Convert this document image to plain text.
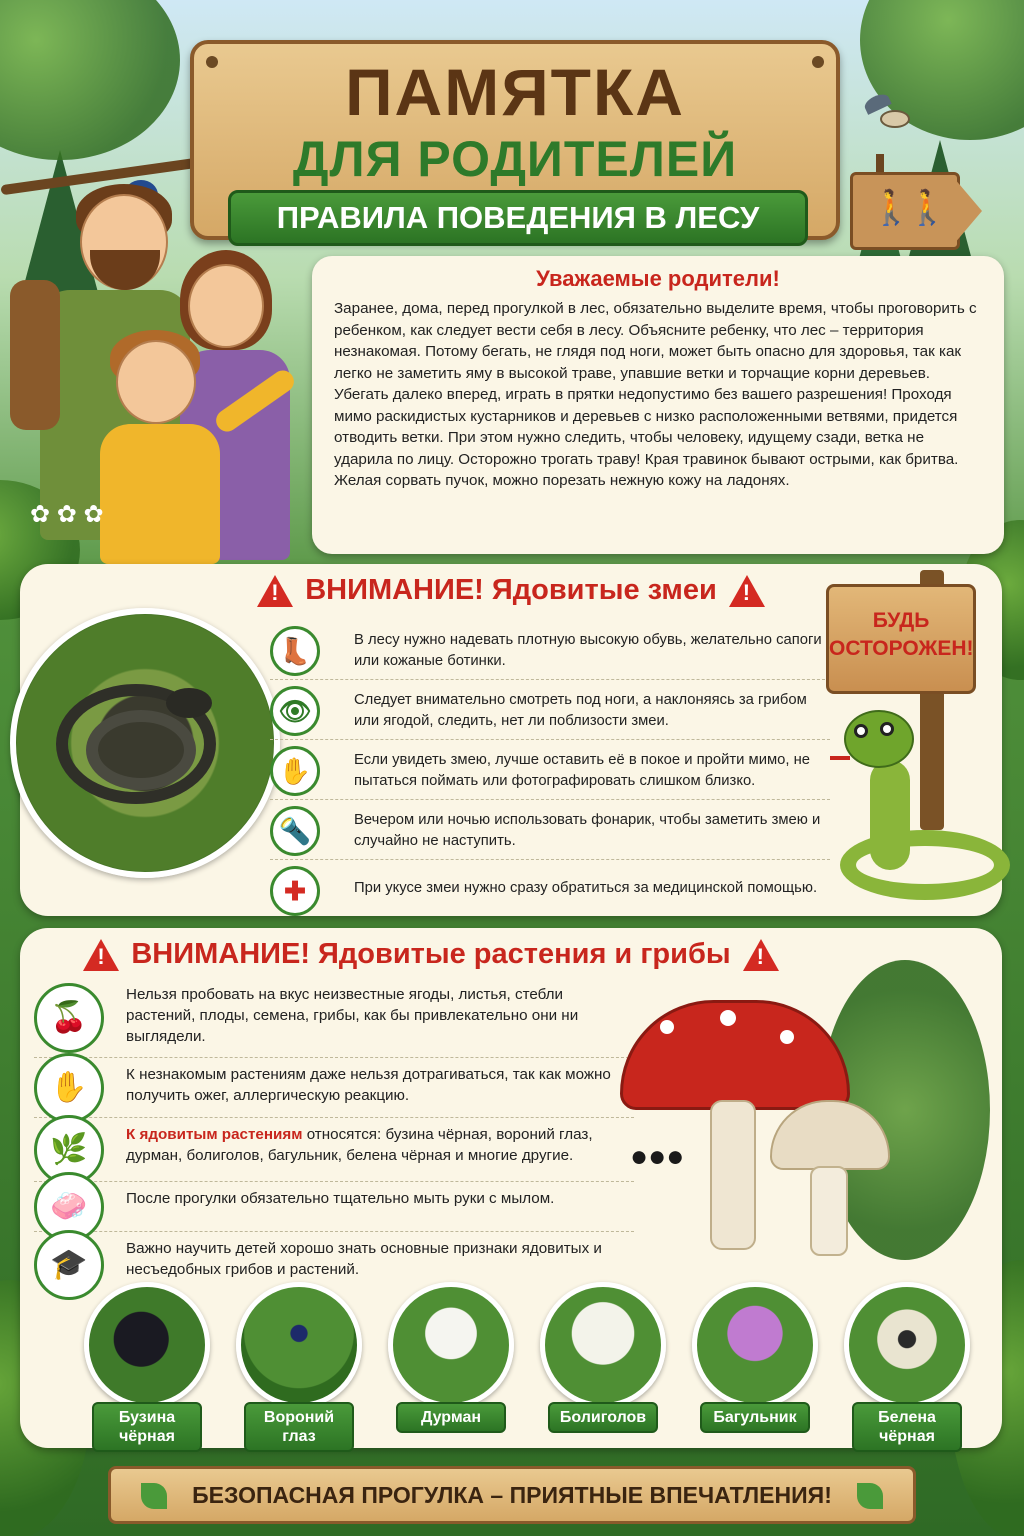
ПАМЯТКА
ДЛЯ РОДИТЕЛЕЙ
ПРАВИЛА ПОВЕДЕНИЯ В ЛЕСУ	🚶🚶
✿ ✿ ✿
Уважаемые родители!
Заранее, дома, перед прогулкой в лес, обязательно выделите время, чтобы проговорить с ребенком, как следует вести себя в лесу. Объясните ребенку, что лес – территория незнакомая. Потому бегать, не глядя под ноги, может быть опасно для здоровья, так как легко не заметить яму в высокой траве, упавшие ветки и торчащие корни деревьев. Убегать далеко вперед, играть в прятки недопустимо без вашего разрешения! Проходя мимо раскидистых кустарников и деревьев с низко расположенными ветвями, придется отводить ветки. При этом нужно следить, чтобы человеку, идущему сзади, ветка не ударила по лицу. Осторожно трогать траву! Края травинок бывают острыми, как бритва. Желая сорвать пучок, можно порезать нежную кожу на ладонях.
!ВНИМАНИЕ! Ядовитые змеи!
👢	В лесу нужно надевать плотную высокую обувь, желательно сапоги или кожаные ботинки.
👁	Следует внимательно смотреть под ноги, а наклоняясь за грибом или ягодой, следить, нет ли поблизости змеи.
✋	Если увидеть змею, лучше оставить её в покое и пройти мимо, не пытаться поймать или фотографировать слишком близко.
🔦	Вечером или ночью использовать фонарик, чтобы заметить змею и случайно не наступить.
✚	При укусе змеи нужно сразу обратиться за медицинской помощью.
БУДЬ
ОСТОРОЖЕН!
!ВНИМАНИЕ! Ядовитые растения и грибы!
🍒
Нельзя пробовать на вкус неизвестные ягоды, листья, стебли растений, плоды, семена, грибы, как бы привлекательно они ни выглядели.
✋	К незнакомым растениям даже нельзя дотрагиваться, так как можно получить ожег, аллергическую реакцию.
🌿	К ядовитым растениям относятся: бузина чёрная, вороний глаз, дурман, болиголов, багульник, белена чёрная и многие другие.
🧼	После прогулки обязательно тщательно мыть руки с мылом.
🎓	Важно научить детей хорошо знать основные признаки ядовитых и несъедобных грибов и растений.
●●●
Бузина
чёрная
Вороний глаз
Дурман	Болиголов	Багульник	Белена
чёрная
БЕЗОПАСНАЯ ПРОГУЛКА – ПРИЯТНЫЕ ВПЕЧАТЛЕНИЯ!
